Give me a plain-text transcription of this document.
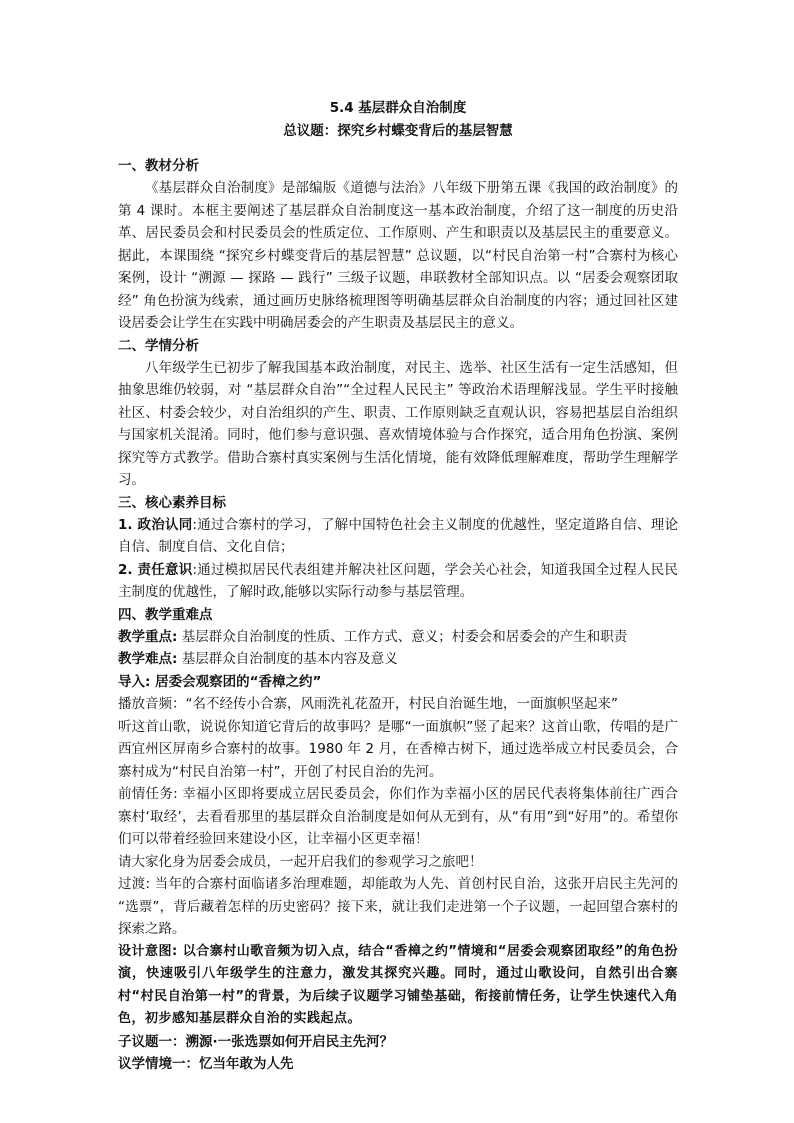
5.4 基层群众自治制度
总议题：探究乡村蝶变背后的基层智慧
一、教材分析

《基层群众自治制度》是部编版《道德与法治》八年级下册第五课《我国的政治制度》的第 4 课时。本框主要阐述了基层群众自治制度这一基本政治制度，介绍了这一制度的历史沿革、居民委员会和村民委员会的性质定位、工作原则、产生和职责以及基层民主的重要意义。据此，本课围绕 “探究乡村蝶变背后的基层智慧” 总议题，以“村民自治第一村”合寨村为核心案例，设计 “溯源 — 探路 — 践行” 三级子议题，串联教材全部知识点。以 “居委会观察团取经” 角色扮演为线索，通过画历史脉络梳理图等明确基层群众自治制度的内容；通过回社区建设居委会让学生在实践中明确居委会的产生职责及基层民主的意义。

二、学情分析

八年级学生已初步了解我国基本政治制度，对民主、选举、社区生活有一定生活感知，但抽象思维仍较弱，对 “基层群众自治”“全过程人民民主” 等政治术语理解浅显。学生平时接触社区、村委会较少，对自治组织的产生、职责、工作原则缺乏直观认识，容易把基层自治组织与国家机关混淆。同时，他们参与意识强、喜欢情境体验与合作探究，适合用角色扮演、案例探究等方式教学。借助合寨村真实案例与生活化情境，能有效降低理解难度，帮助学生理解学习。

三、核心素养目标

1. 政治认同:通过合寨村的学习，了解中国特色社会主义制度的优越性，坚定道路自信、理论自信、制度自信、文化自信；

2. 责任意识:通过模拟居民代表组建并解决社区问题，学会关心社会，知道我国全过程人民民主制度的优越性，了解时政,能够以实际行动参与基层管理。

四、教学重难点

教学重点: 基层群众自治制度的性质、工作方式、意义；村委会和居委会的产生和职责

教学难点: 基层群众自治制度的基本内容及意义

导入: 居委会观察团的“香樟之约”

播放音频：“名不经传小合寨，风雨洗礼花盈开，村民自治诞生地，一面旗帜坚起来”

听这首山歌，说说你知道它背后的故事吗？是哪“一面旗帜”竖了起来？这首山歌，传唱的是广西宜州区屏南乡合寨村的故事。1980 年 2 月，在香樟古树下，通过选举成立村民委员会，合寨村成为“村民自治第一村”，开创了村民自治的先河。

前情任务: 幸福小区即将要成立居民委员会，你们作为幸福小区的居民代表将集体前往广西合寨村‘取经’，去看看那里的基层群众自治制度是如何从无到有，从“有用”到“好用”的。希望你们可以带着经验回来建设小区，让幸福小区更幸福！

请大家化身为居委会成员，一起开启我们的参观学习之旅吧！

过渡: 当年的合寨村面临诸多治理难题，却能敢为人先、首创村民自治，这张开启民主先河的 “选票”，背后藏着怎样的历史密码？接下来，就让我们走进第一个子议题，一起回望合寨村的探索之路。

设计意图: 以合寨村山歌音频为切入点，结合“香樟之约”情境和“居委会观察团取经”的角色扮演，快速吸引八年级学生的注意力，激发其探究兴趣。同时，通过山歌设问，自然引出合寨村“村民自治第一村”的背景，为后续子议题学习铺垫基础，衔接前情任务，让学生快速代入角色，初步感知基层群众自治的实践起点。

子议题一：溯源·一张选票如何开启民主先河？

议学情境一：忆当年敢为人先
